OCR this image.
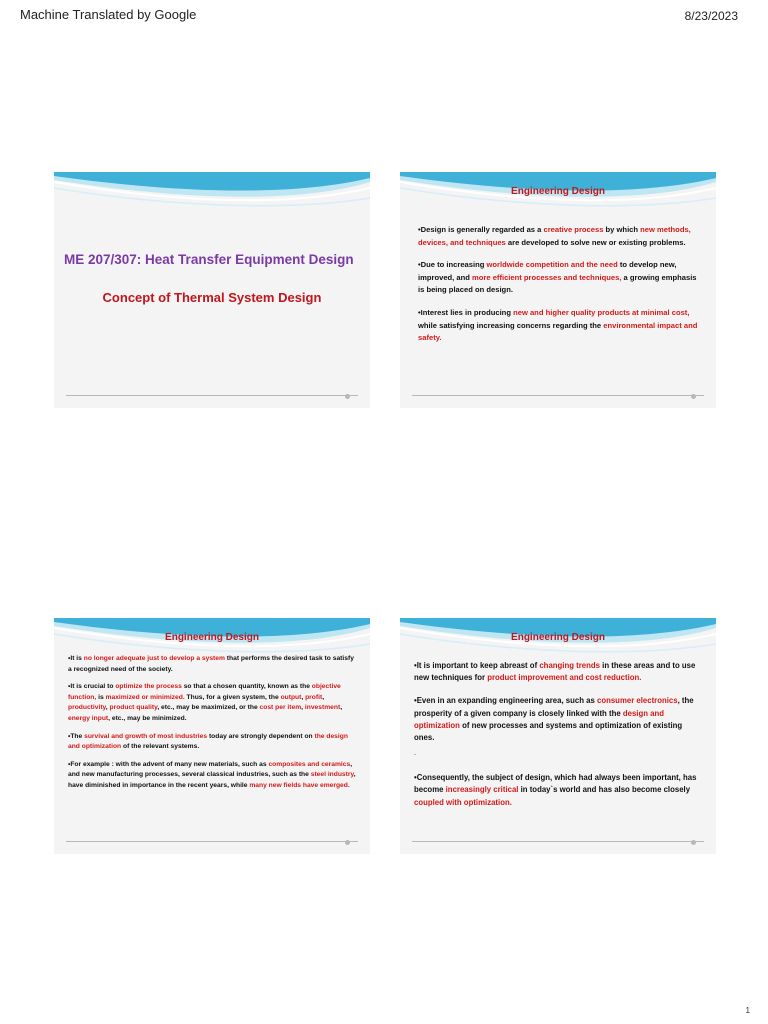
Machine Translated by Google	8/23/2023
ME 207/307: Heat Transfer Equipment Design
Concept of Thermal System Design
Engineering Design

•Design is generally regarded as a creative process by which new methods, devices, and techniques are developed to solve new or existing problems.

•Due to increasing worldwide competition and the need to develop new, improved, and more efficient processes and techniques, a growing emphasis is being placed on design.

•Interest lies in producing new and higher quality products at minimal cost, while satisfying increasing concerns regarding the environmental impact and safety.

Engineering Design

•It is no longer adequate just to develop a system that performs the desired task to satisfy a recognized need of the society.

•It is crucial to optimize the process so that a chosen quantity, known as the objective function, is maximized or minimized. Thus, for a given system, the output, profit, productivity, product quality, etc., may be maximized, or the cost per item, investment, energy input, etc., may be minimized.

•The survival and growth of most industries today are strongly dependent on the design and optimization of the relevant systems.

•For example : with the advent of many new materials, such as composites and ceramics, and new manufacturing processes, several classical industries, such as the steel industry, have diminished in importance in the recent years, while many new fields have emerged.

Engineering Design

•It is important to keep abreast of changing trends in these areas and to use new techniques for product improvement and cost reduction.

•Even in an expanding engineering area, such as consumer electronics, the prosperity of a given company is closely linked with the design and optimization of new processes and systems and optimization of existing ones.

`

•Consequently, the subject of design, which had always been important, has become increasingly critical in today`s world and has also become closely coupled with optimization.

1
